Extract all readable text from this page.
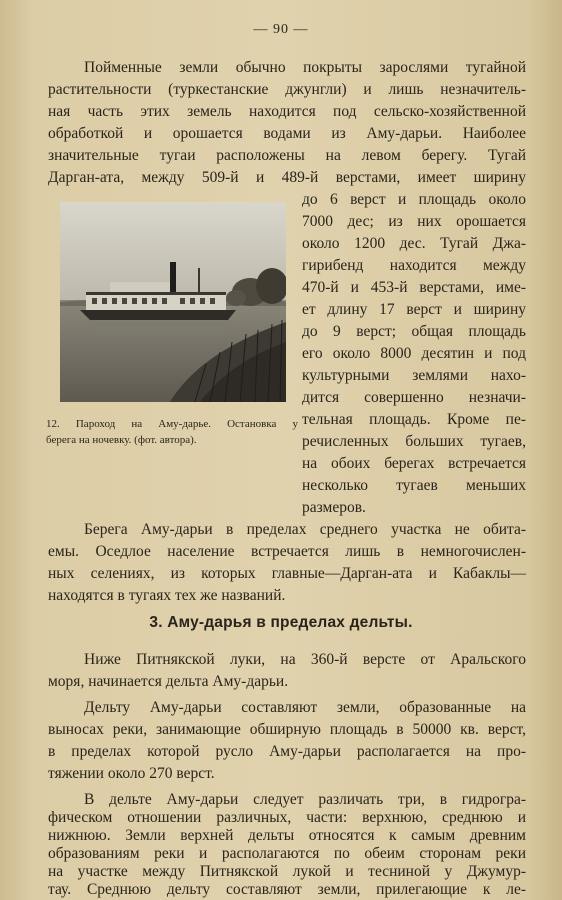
— 90 —
Пойменные земли обычно покрыты зарослями тугайной
растительности (туркестанские джунгли) и лишь незначитель-
ная часть этих земель находится под сельско-хозяйственной
обработкой и орошается водами из Аму-дарьи. Наиболее
значительные тугаи расположены на левом берегу. Тугай
Дарган-ата, между 509-й и 489-й верстами, имеет ширину
до 6 верст и площадь около
7000 дес; из них орошается
около 1200 дес. Тугай Джа-
гирибенд находится между
470-й и 453-й верстами, име-
ет длину 17 верст и ширину
до 9 верст; общая площадь
его около 8000 десятин и под
культурными землями нахо-
дится совершенно незначи-
тельная площадь. Кроме пе-
речисленных больших тугаев,
на обоих берегах встречается
несколько тугаев меньших
размеров.
12. Пароход на Аму-дарье. Остановка у
берега на ночевку. (фот. автора).
Берега Аму-дарьи в пределах среднего участка не обита-
емы. Оседлое население встречается лишь в немногочислен-
3. Аму-дарья в пределах дельты.
ных селениях, из которых главные—Дарган-ата и Кабаклы—
находятся в тугаях тех же названий.
Ниже Питнякской луки, на 360-й версте от Аральского
моря, начинается дельта Аму-дарьи.
Дельту Аму-дарьи составляют земли, образованные на
выносах реки, занимающие обширную площадь в 50000 кв. верст,
в пределах которой русло Аму-дарьи располагается на про-
тяжении около 270 верст.
В дельте Аму-дарьи следует различать три, в гидрогра-
фическом отношении различных, части: верхнюю, среднюю и
нижнюю. Земли верхней дельты относятся к самым древним
образованиям реки и располагаются по обеим сторонам реки
на участке между Питнякской лукой и тесниной у Джумур-
тау. Среднюю дельту составляют земли, прилегающие к ле-
